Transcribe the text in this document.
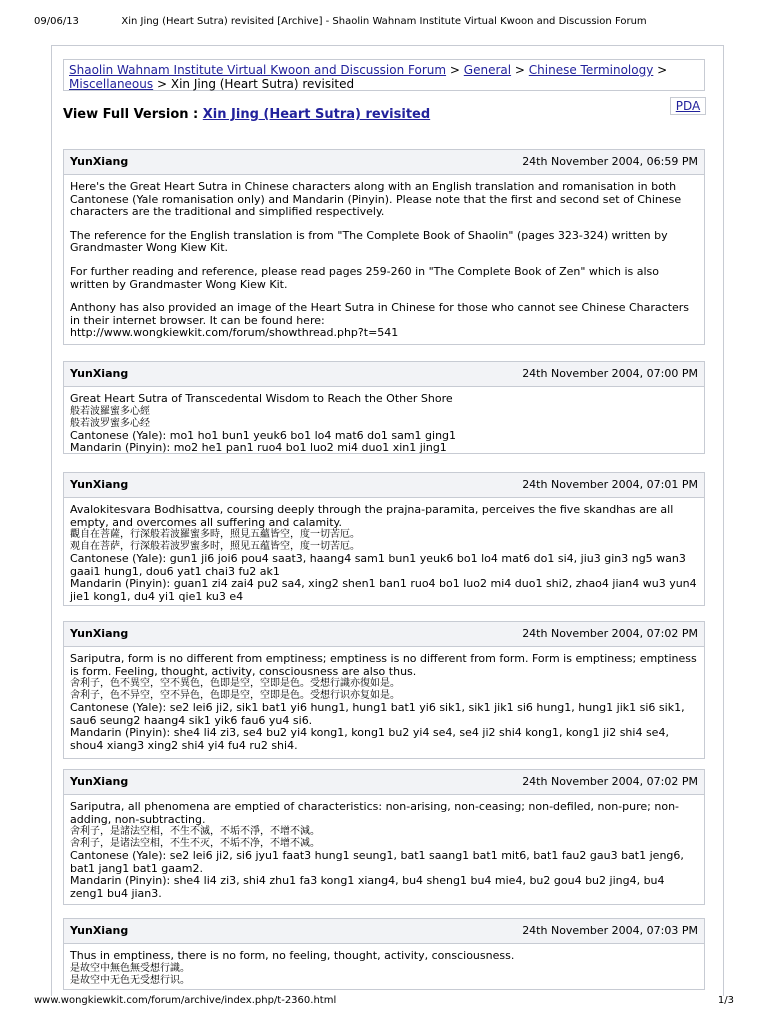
09/06/13	Xin Jing (Heart Sutra) revisited [Archive] - Shaolin Wahnam Institute Virtual Kwoon and Discussion Forum
Shaolin Wahnam Institute Virtual Kwoon and Discussion Forum > General > Chinese Terminology >
Miscellaneous > Xin Jing (Heart Sutra) revisited
PDA
View Full Version : Xin Jing (Heart Sutra) revisited
YunXiang	24th November 2004, 06:59 PM

Here's the Great Heart Sutra in Chinese characters along with an English translation and romanisation in both Cantonese (Yale romanisation only) and Mandarin (Pinyin). Please note that the first and second set of Chinese characters are the traditional and simplified respectively.

The reference for the English translation is from "The Complete Book of Shaolin" (pages 323-324) written by Grandmaster Wong Kiew Kit.

For further reading and reference, please read pages 259-260 in "The Complete Book of Zen" which is also written by Grandmaster Wong Kiew Kit.

Anthony has also provided an image of the Heart Sutra in Chinese for those who cannot see Chinese Characters in their internet browser. It can be found here:
http://www.wongkiewkit.com/forum/showthread.php?t=541

YunXiang	24th November 2004, 07:00 PM
Great Heart Sutra of Transcedental Wisdom to Reach the Other Shore
般若波羅蜜多心經
般若波罗蜜多心经
Cantonese (Yale): mo1 ho1 bun1 yeuk6 bo1 lo4 mat6 do1 sam1 ging1
Mandarin (Pinyin): mo2 he1 pan1 ruo4 bo1 luo2 mi4 duo1 xin1 jing1
YunXiang	24th November 2004, 07:01 PM
Avalokitesvara Bodhisattva, coursing deeply through the prajna-paramita, perceives the five skandhas are all empty, and overcomes all suffering and calamity.
觀自在菩薩，行深般若波羅蜜多時，照見五蘊皆空，度一切苦厄。
观自在菩萨，行深般若波罗蜜多时，照见五蕴皆空，度一切苦厄。
Cantonese (Yale): gun1 ji6 joi6 pou4 saat3, haang4 sam1 bun1 yeuk6 bo1 lo4 mat6 do1 si4, jiu3 gin3 ng5 wan3 gaai1 hung1, dou6 yat1 chai3 fu2 ak1
Mandarin (Pinyin): guan1 zi4 zai4 pu2 sa4, xing2 shen1 ban1 ruo4 bo1 luo2 mi4 duo1 shi2, zhao4 jian4 wu3 yun4 jie1 kong1, du4 yi1 qie1 ku3 e4
YunXiang	24th November 2004, 07:02 PM
Sariputra, form is no different from emptiness; emptiness is no different from form. Form is emptiness; emptiness is form. Feeling, thought, activity, consciousness are also thus.
舍利子，色不異空，空不異色，色即是空，空即是色。受想行識亦復如是。
舍利子，色不异空，空不异色，色即是空，空即是色。受想行识亦复如是。
Cantonese (Yale): se2 lei6 ji2, sik1 bat1 yi6 hung1, hung1 bat1 yi6 sik1, sik1 jik1 si6 hung1, hung1 jik1 si6 sik1, sau6 seung2 haang4 sik1 yik6 fau6 yu4 si6.
Mandarin (Pinyin): she4 li4 zi3, se4 bu2 yi4 kong1, kong1 bu2 yi4 se4, se4 ji2 shi4 kong1, kong1 ji2 shi4 se4, shou4 xiang3 xing2 shi4 yi4 fu4 ru2 shi4.
YunXiang	24th November 2004, 07:02 PM
Sariputra, all phenomena are emptied of characteristics: non-arising, non-ceasing; non-defiled, non-pure; non-adding, non-subtracting.
舍利子，是諸法空相，不生不滅，不垢不淨，不增不減。
舍利子，是诸法空相，不生不灭，不垢不净，不增不减。
Cantonese (Yale): se2 lei6 ji2, si6 jyu1 faat3 hung1 seung1, bat1 saang1 bat1 mit6, bat1 fau2 gau3 bat1 jeng6, bat1 jang1 bat1 gaam2.
Mandarin (Pinyin): she4 li4 zi3, shi4 zhu1 fa3 kong1 xiang4, bu4 sheng1 bu4 mie4, bu2 gou4 bu2 jing4, bu4 zeng1 bu4 jian3.
YunXiang	24th November 2004, 07:03 PM
Thus in emptiness, there is no form, no feeling, thought, activity, consciousness.
是故空中無色無受想行識。
是故空中无色无受想行识。
www.wongkiewkit.com/forum/archive/index.php/t-2360.html	1/3
